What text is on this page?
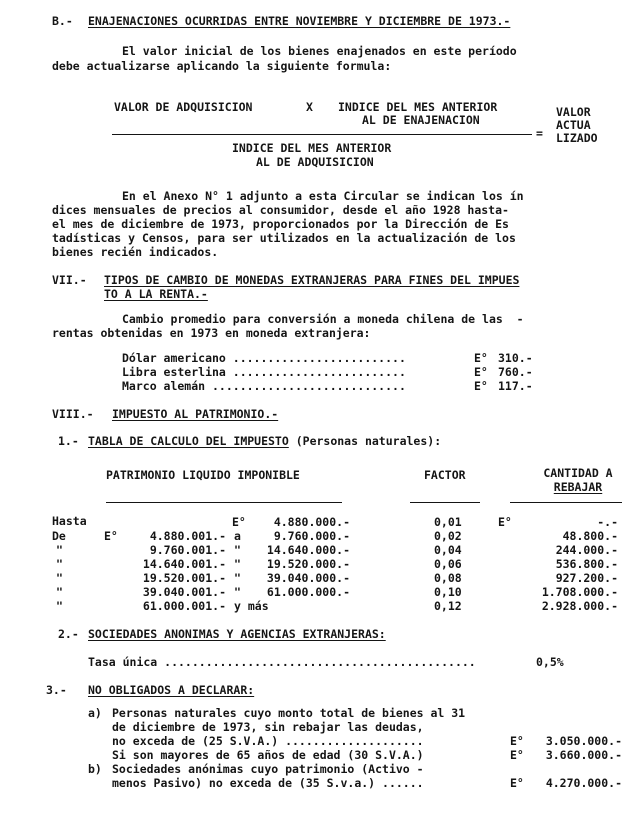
B.- ENAJENACIONES OCURRIDAS ENTRE NOVIEMBRE Y DICIEMBRE DE 1973.-
El valor inicial de los bienes enajenados en este período
debe actualizarse aplicando la siguiente formula:
VALOR DE ADQUISICION	X INDICE DEL MES ANTERIOR
AL DE ENAJENACION
=
VALOR
ACTUA
LIZADO
INDICE DEL MES ANTERIOR
AL DE ADQUISICION
En el Anexo N° 1 adjunto a esta Circular se indican los ín
dices mensuales de precios al consumidor, desde el año 1928 hasta-
el mes de diciembre de 1973, proporcionados por la Dirección de Es
tadísticas y Censos, para ser utilizados en la actualización de los
bienes recién indicados.
VII.- TIPOS DE CAMBIO DE MONEDAS EXTRANJERAS PARA FINES DEL IMPUES
TO A LA RENTA.-
Cambio promedio para conversión a moneda chilena de las  -
rentas obtenidas en 1973 en moneda extranjera:
Dólar americano .........................	E° 310.-
Libra esterlina .........................	E° 760.-
Marco alemán ............................	E° 117.-
VIII.- IMPUESTO AL PATRIMONIO.-
1.- TABLA DE CALCULO DEL IMPUESTO (Personas naturales):
PATRIMONIO LIQUIDO IMPONIBLE	FACTOR	CANTIDAD A
REBAJAR
Hasta	E°	4.880.000.-	0,01	E°	-.-
De	E°	4.880.001.- a	9.760.000.-	0,02	48.800.-
"	9.760.001.- "	14.640.000.-	0,04	244.000.-
"	14.640.001.- "	19.520.000.-	0,06	536.800.-
"	19.520.001.- "	39.040.000.-	0,08	927.200.-
"	39.040.001.- "	61.000.000.-	0,10	1.708.000.-
"	61.000.001.- y más	0,12	2.928.000.-
2.- SOCIEDADES ANONIMAS Y AGENCIAS EXTRANJERAS:
Tasa única .............................................	0,5%
3.- NO OBLIGADOS A DECLARAR:
a) Personas naturales cuyo monto total de bienes al 31
de diciembre de 1973, sin rebajar las deudas,
no exceda de (25 S.V.A.) ....................	E°	3.050.000.-
Si son mayores de 65 años de edad (30 S.V.A.)	E°	3.660.000.-
b) Sociedades anónimas cuyo patrimonio (Activo -
menos Pasivo) no exceda de (35 S.v.a.) ......	E°	4.270.000.-
